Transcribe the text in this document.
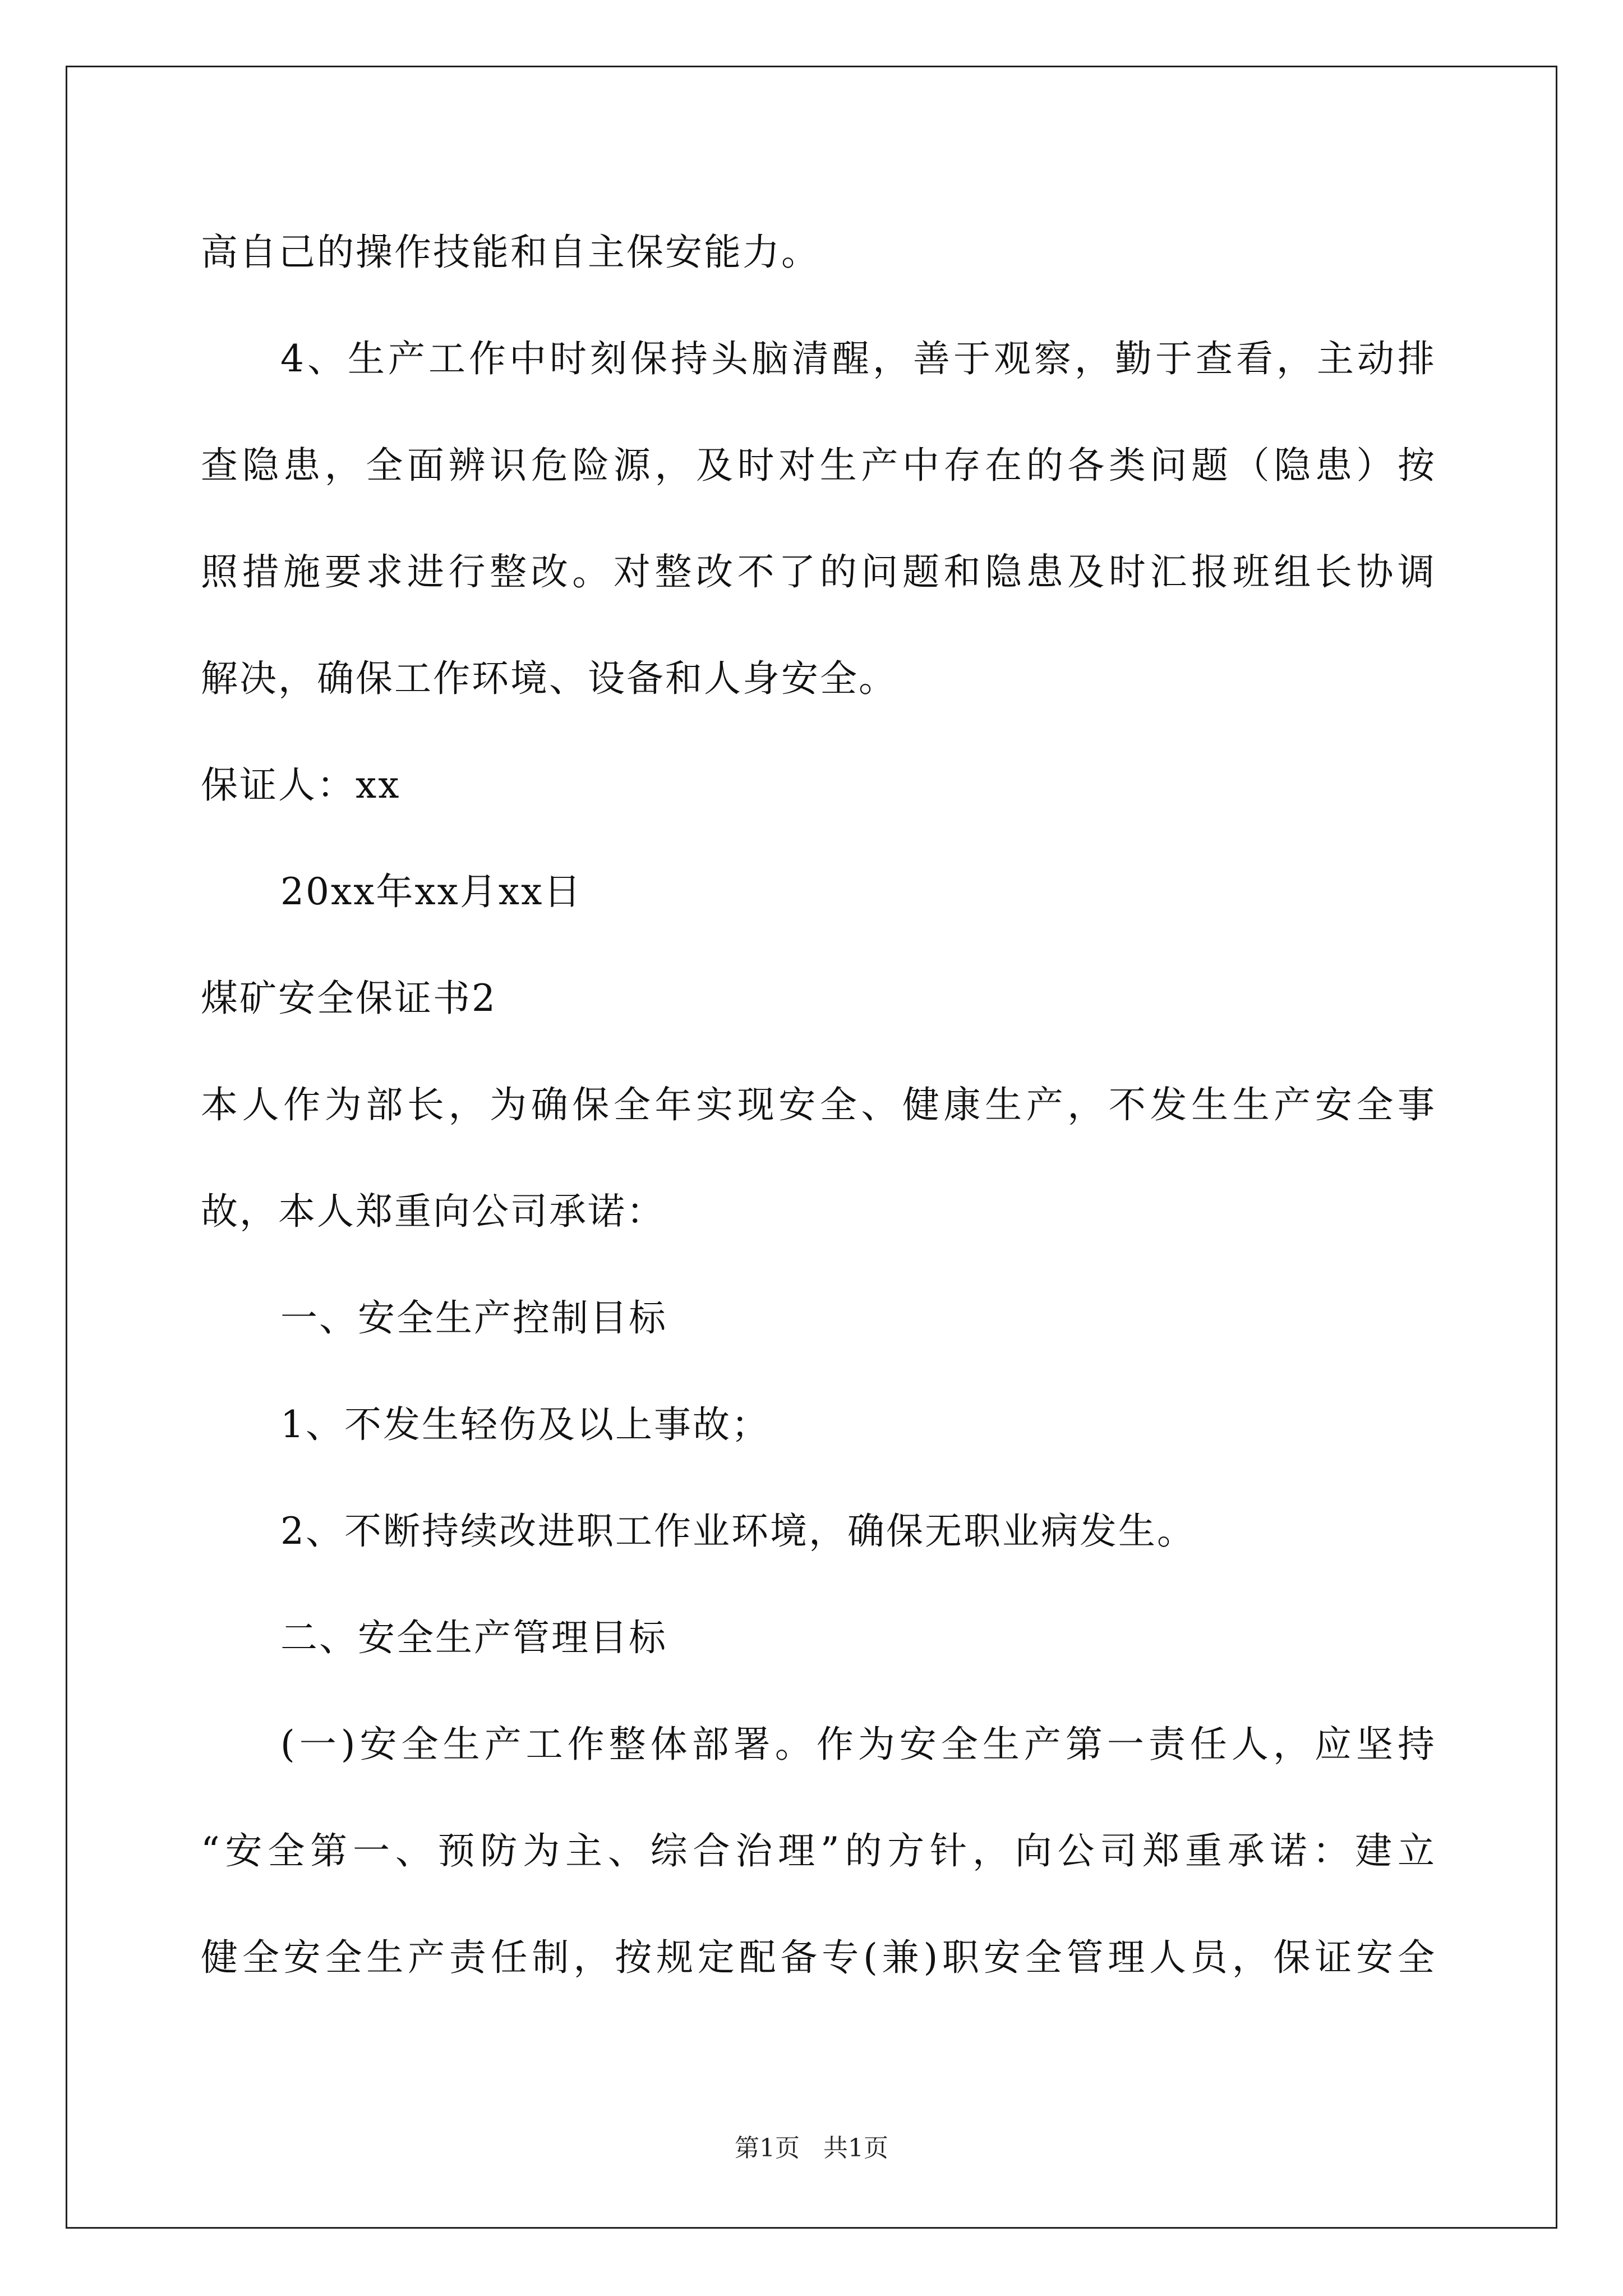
高自己的操作技能和自主保安能力。
4、生产工作中时刻保持头脑清醒，善于观察，勤于查看，主动排
查隐患，全面辨识危险源，及时对生产中存在的各类问题（隐患）按
照措施要求进行整改。对整改不了的问题和隐患及时汇报班组长协调
解决，确保工作环境、设备和人身安全。
保证人：xx
20xx年xx月xx日
煤矿安全保证书2
本人作为部长，为确保全年实现安全、健康生产，不发生生产安全事
故，本人郑重向公司承诺：
一、安全生产控制目标
1、不发生轻伤及以上事故；
2、不断持续改进职工作业环境，确保无职业病发生。
二、安全生产管理目标
(一)安全生产工作整体部署。作为安全生产第一责任人，应坚持
“安全第一、预防为主、综合治理”的方针，向公司郑重承诺：建立
健全安全生产责任制，按规定配备专(兼)职安全管理人员，保证安全
第1页   共1页
